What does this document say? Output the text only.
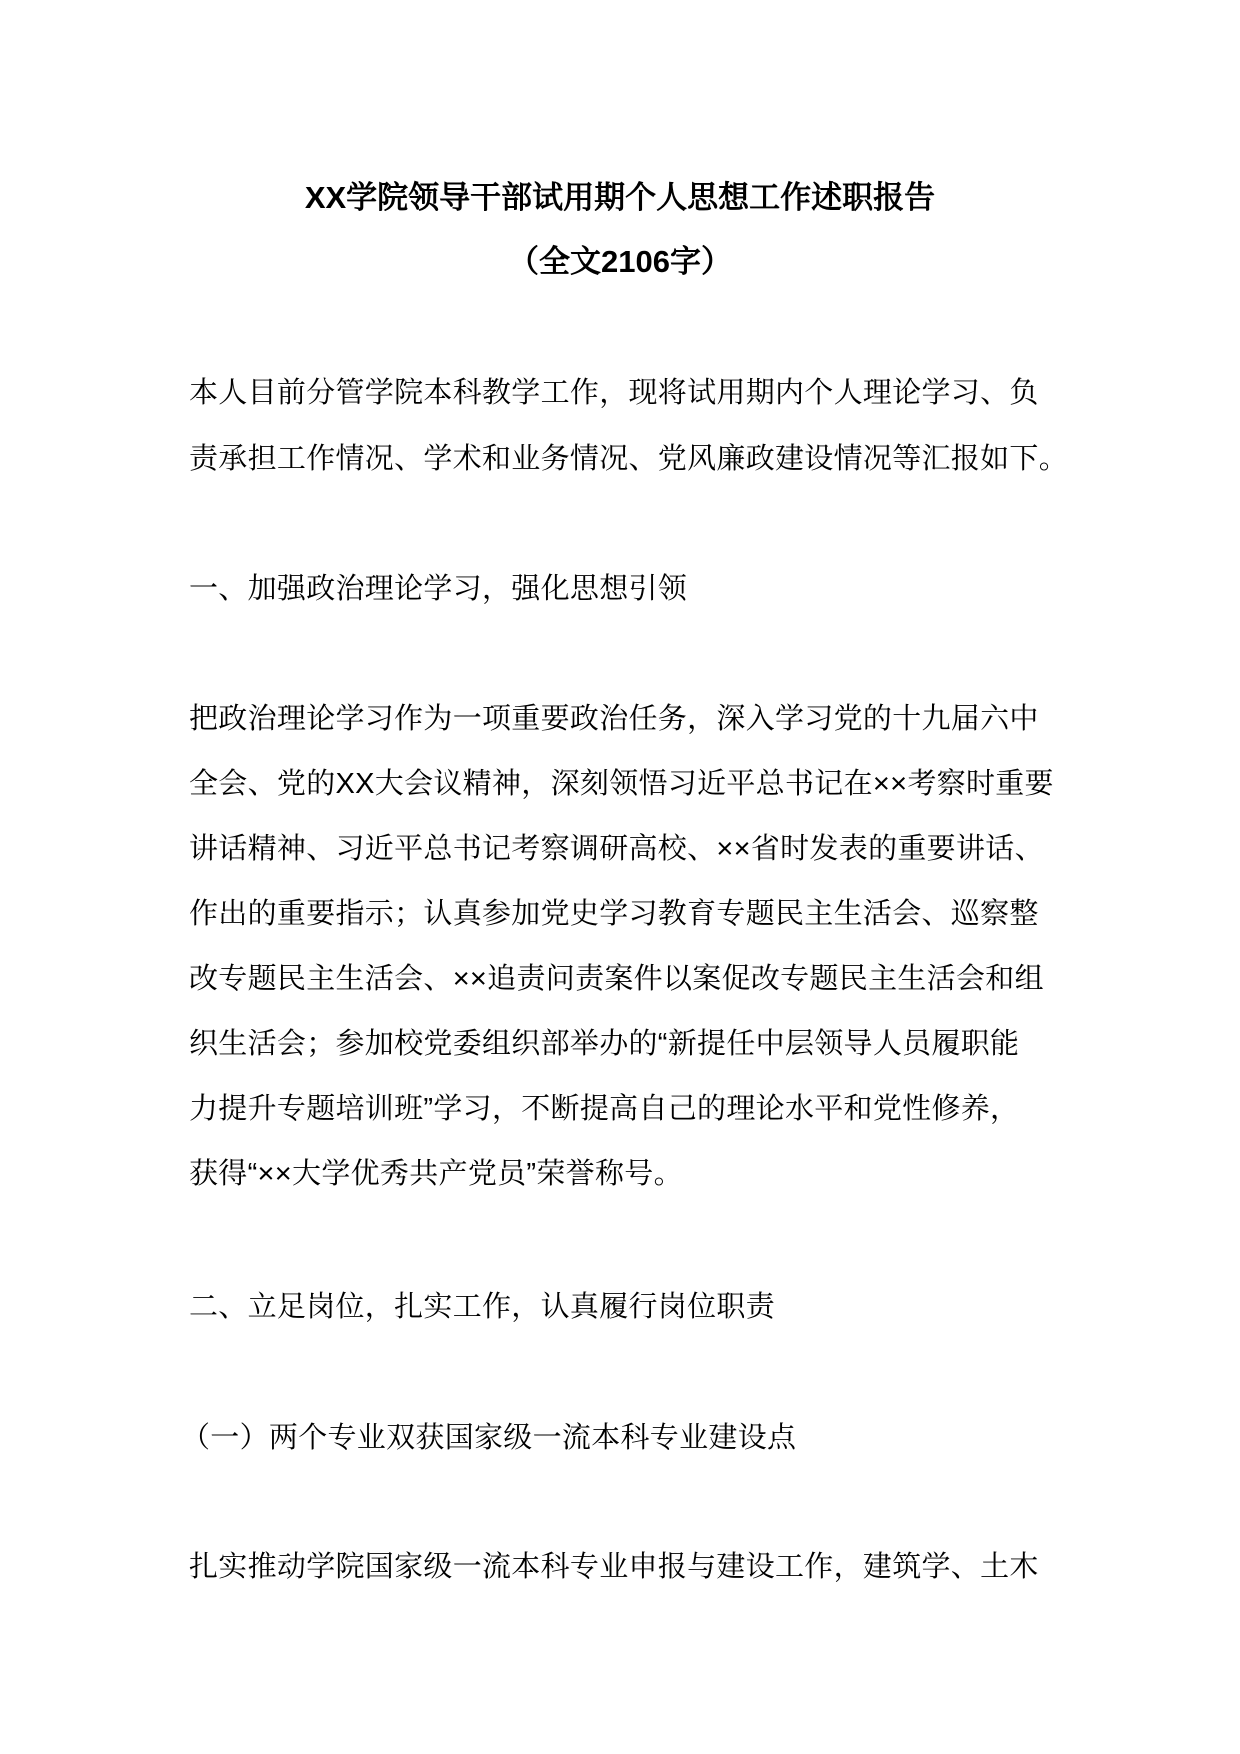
XX学院领导干部试用期个人思想工作述职报告
（全文2106字）
本人目前分管学院本科教学工作，现将试用期内个人理论学习、负
责承担工作情况、学术和业务情况、党风廉政建设情况等汇报如下。
一、加强政治理论学习，强化思想引领
把政治理论学习作为一项重要政治任务，深入学习党的十九届六中
全会、党的XX大会议精神，深刻领悟习近平总书记在××考察时重要
讲话精神、习近平总书记考察调研高校、××省时发表的重要讲话、
作出的重要指示；认真参加党史学习教育专题民主生活会、巡察整
改专题民主生活会、××追责问责案件以案促改专题民主生活会和组
织生活会；参加校党委组织部举办的“新提任中层领导人员履职能
力提升专题培训班”学习，不断提高自己的理论水平和党性修养，
获得“××大学优秀共产党员”荣誉称号。
二、立足岗位，扎实工作，认真履行岗位职责
（一）两个专业双获国家级一流本科专业建设点
扎实推动学院国家级一流本科专业申报与建设工作，建筑学、土木
